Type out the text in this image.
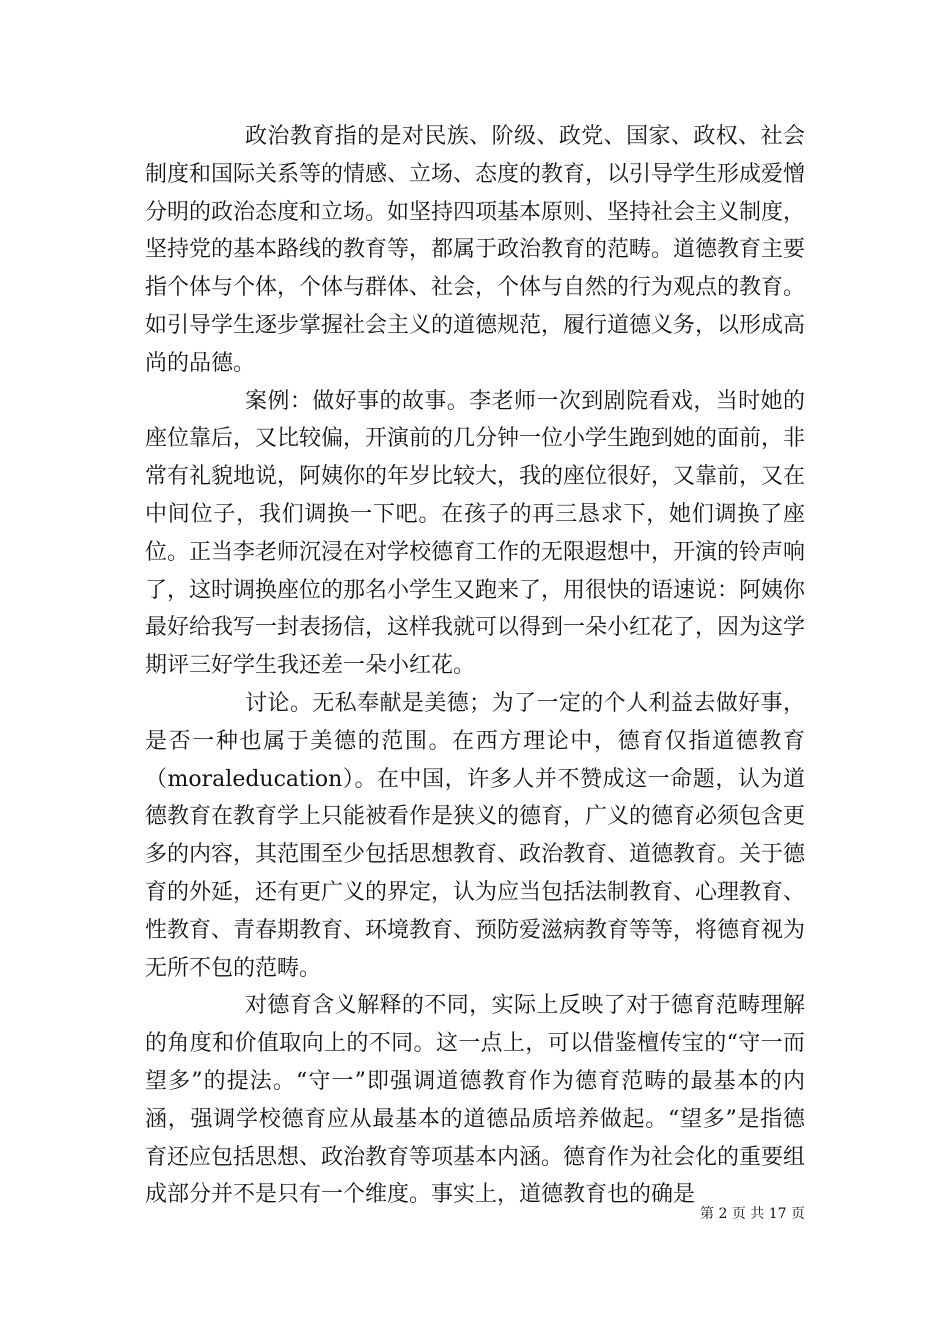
政治教育指的是对民族、阶级、政党、国家、政权、社会制度和国际关系等的情感、立场、态度的教育，以引导学生形成爱憎分明的政治态度和立场。如坚持四项基本原则、坚持社会主义制度，坚持党的基本路线的教育等，都属于政治教育的范畴。道德教育主要指个体与个体，个体与群体、社会，个体与自然的行为观点的教育。如引导学生逐步掌握社会主义的道德规范，履行道德义务，以形成高尚的品德。

案例：做好事的故事。李老师一次到剧院看戏，当时她的座位靠后，又比较偏，开演前的几分钟一位小学生跑到她的面前，非常有礼貌地说，阿姨你的年岁比较大，我的座位很好，又靠前，又在中间位子，我们调换一下吧。在孩子的再三恳求下，她们调换了座位。正当李老师沉浸在对学校德育工作的无限遐想中，开演的铃声响了，这时调换座位的那名小学生又跑来了，用很快的语速说：阿姨你最好给我写一封表扬信，这样我就可以得到一朵小红花了，因为这学期评三好学生我还差一朵小红花。

讨论。无私奉献是美德；为了一定的个人利益去做好事，是否一种也属于美德的范围。在西方理论中，德育仅指道德教育（moraleducation）。在中国，许多人并不赞成这一命题，认为道德教育在教育学上只能被看作是狭义的德育，广义的德育必须包含更多的内容，其范围至少包括思想教育、政治教育、道德教育。关于德育的外延，还有更广义的界定，认为应当包括法制教育、心理教育、性教育、青春期教育、环境教育、预防爱滋病教育等等，将德育视为无所不包的范畴。

对德育含义解释的不同，实际上反映了对于德育范畴理解的角度和价值取向上的不同。这一点上，可以借鉴檀传宝的“守一而望多”的提法。“守一”即强调道德教育作为德育范畴的最基本的内涵，强调学校德育应从最基本的道德品质培养做起。“望多”是指德育还应包括思想、政治教育等项基本内涵。德育作为社会化的重要组成部分并不是只有一个维度。事实上，道德教育也的确是

第 2 页 共 17 页
